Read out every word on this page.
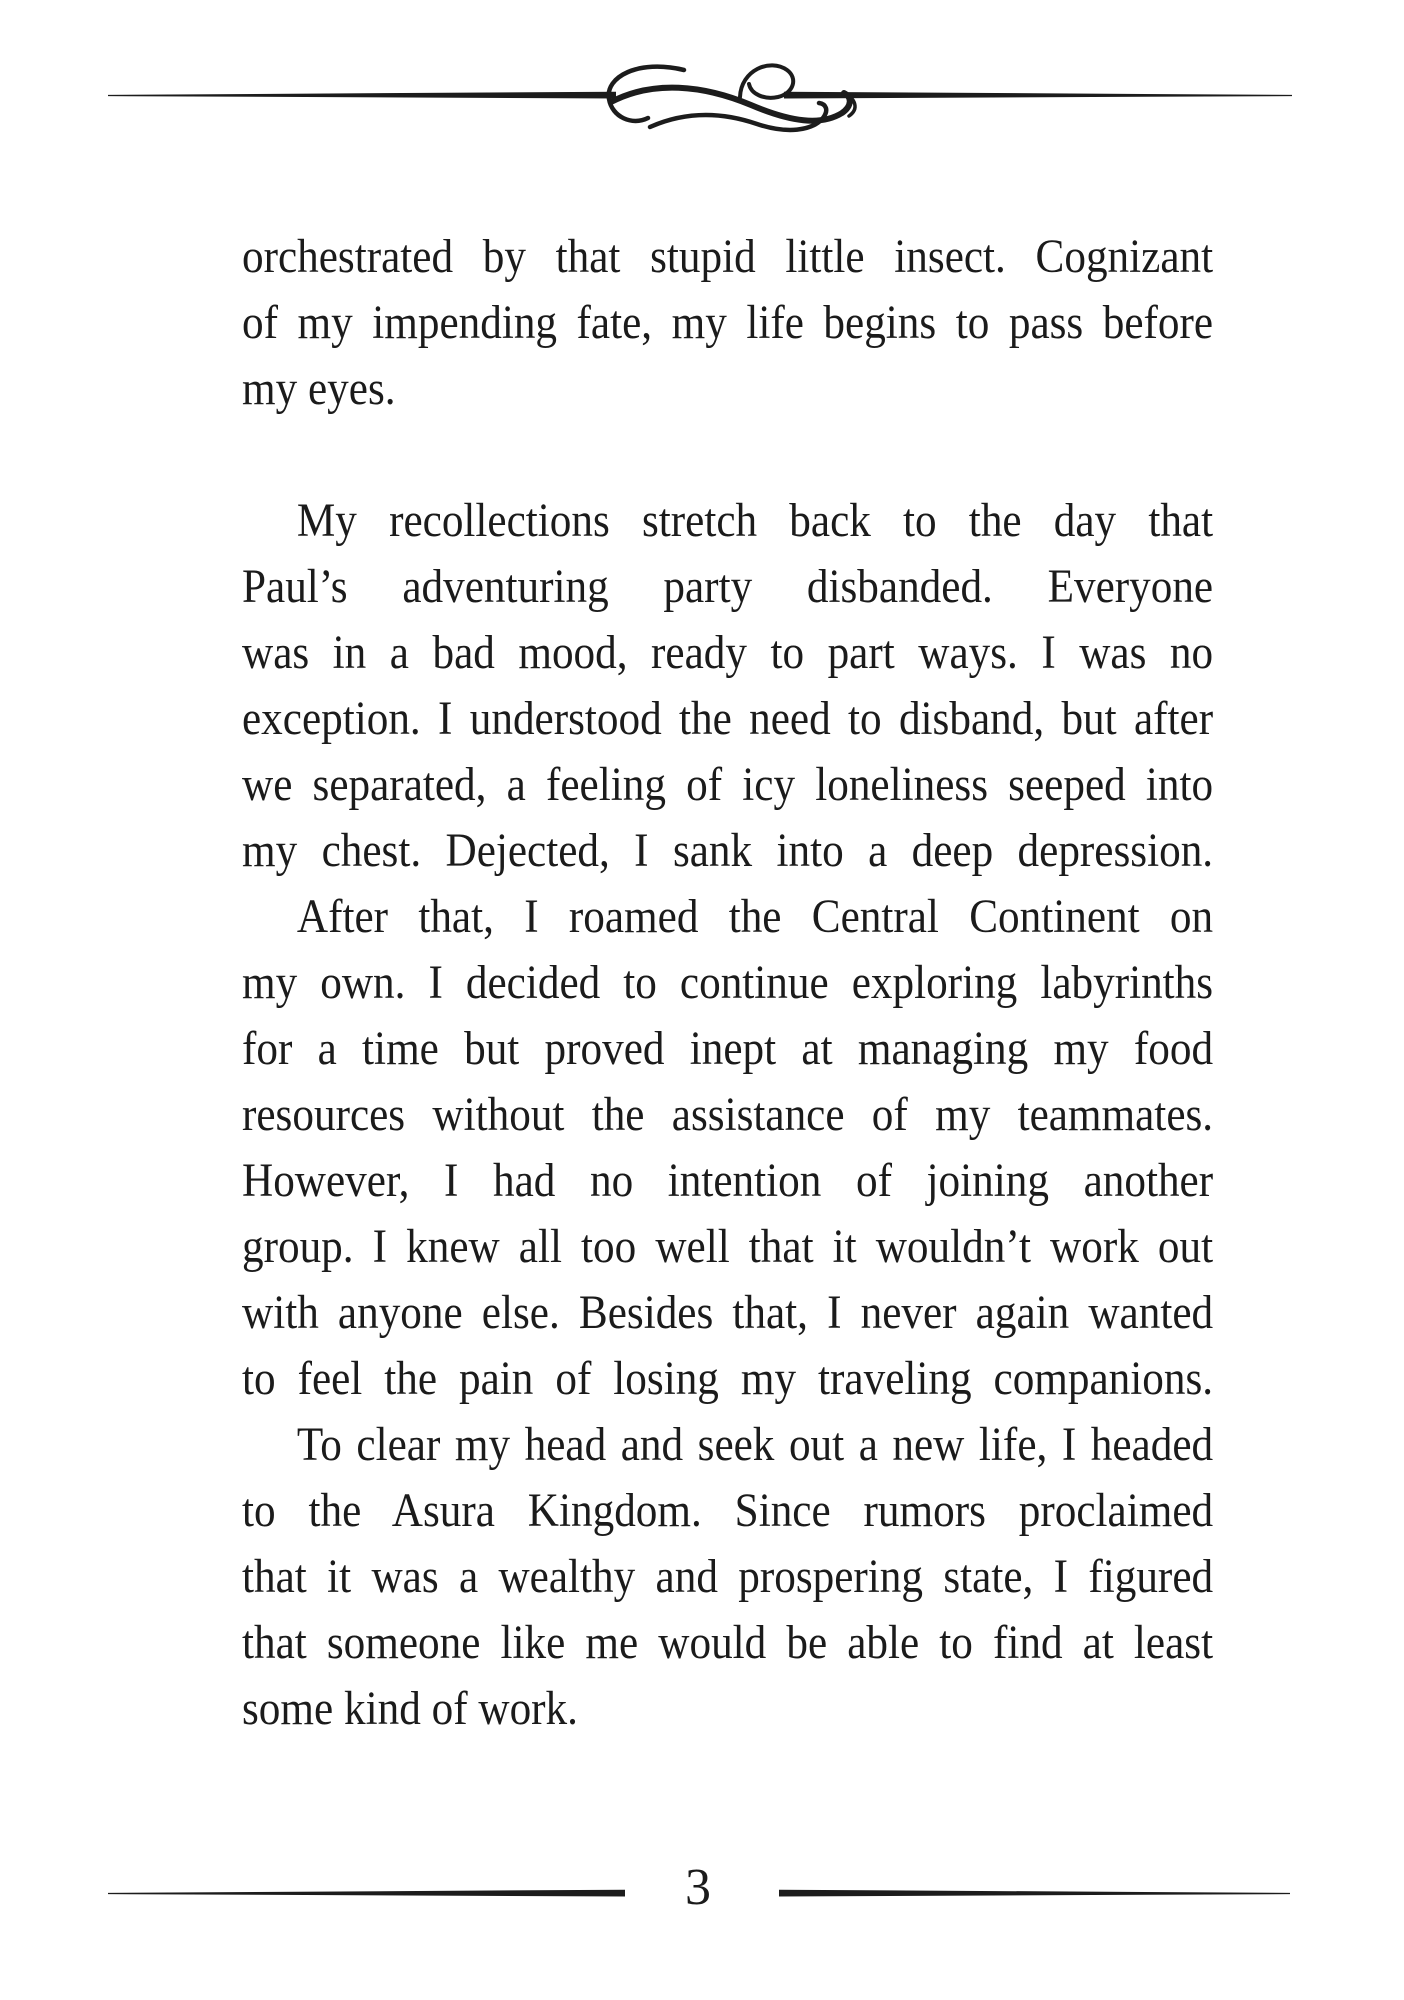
orchestrated by that stupid little insect. Cognizant
of my impending fate, my life begins to pass before
my eyes.

My recollections stretch back to the day that
Paul’s adventuring party disbanded. Everyone
was in a bad mood, ready to part ways. I was no
exception. I understood the need to disband, but after
we separated, a feeling of icy loneliness seeped into
my chest. Dejected, I sank into a deep depression.
After that, I roamed the Central Continent on
my own. I decided to continue exploring labyrinths
for a time but proved inept at managing my food
resources without the assistance of my teammates.
However, I had no intention of joining another
group. I knew all too well that it wouldn’t work out
with anyone else. Besides that, I never again wanted
to feel the pain of losing my traveling companions.
To clear my head and seek out a new life, I headed
to the Asura Kingdom. Since rumors proclaimed
that it was a wealthy and prospering state, I figured
that someone like me would be able to find at least
some kind of work.
3
